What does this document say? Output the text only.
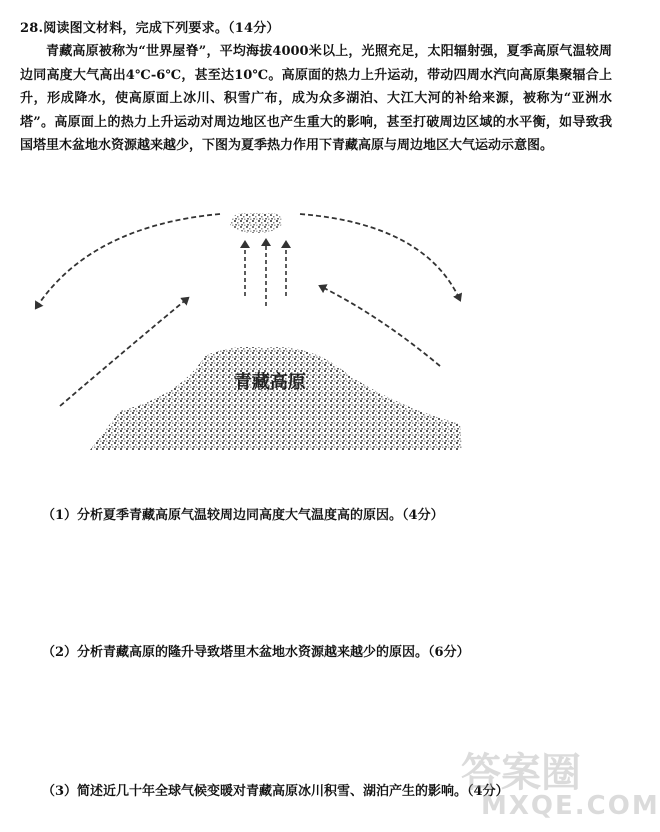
28.阅读图文材料，完成下列要求。（14分）

青藏高原被称为“世界屋脊”，平均海拔4000米以上，光照充足，太阳辐射强，夏季高原气温较周边同高度大气高出4℃-6℃，甚至达10℃。高原面的热力上升运动，带动四周水汽向高原集聚辐合上升，形成降水，使高原面上冰川、积雪广布，成为众多湖泊、大江大河的补给来源，被称为“亚洲水塔”。高原面上的热力上升运动对周边地区也产生重大的影响，甚至打破周边区域的水平衡，如导致我国塔里木盆地水资源越来越少，下图为夏季热力作用下青藏高原与周边地区大气运动示意图。

青藏高原

（1）分析夏季青藏高原气温较周边同高度大气温度高的原因。（4分）

（2）分析青藏高原的隆升导致塔里木盆地水资源越来越少的原因。（6分）

（3）简述近几十年全球气候变暖对青藏高原冰川积雪、湖泊产生的影响。（4分）

答案圈
MXQE.COM
